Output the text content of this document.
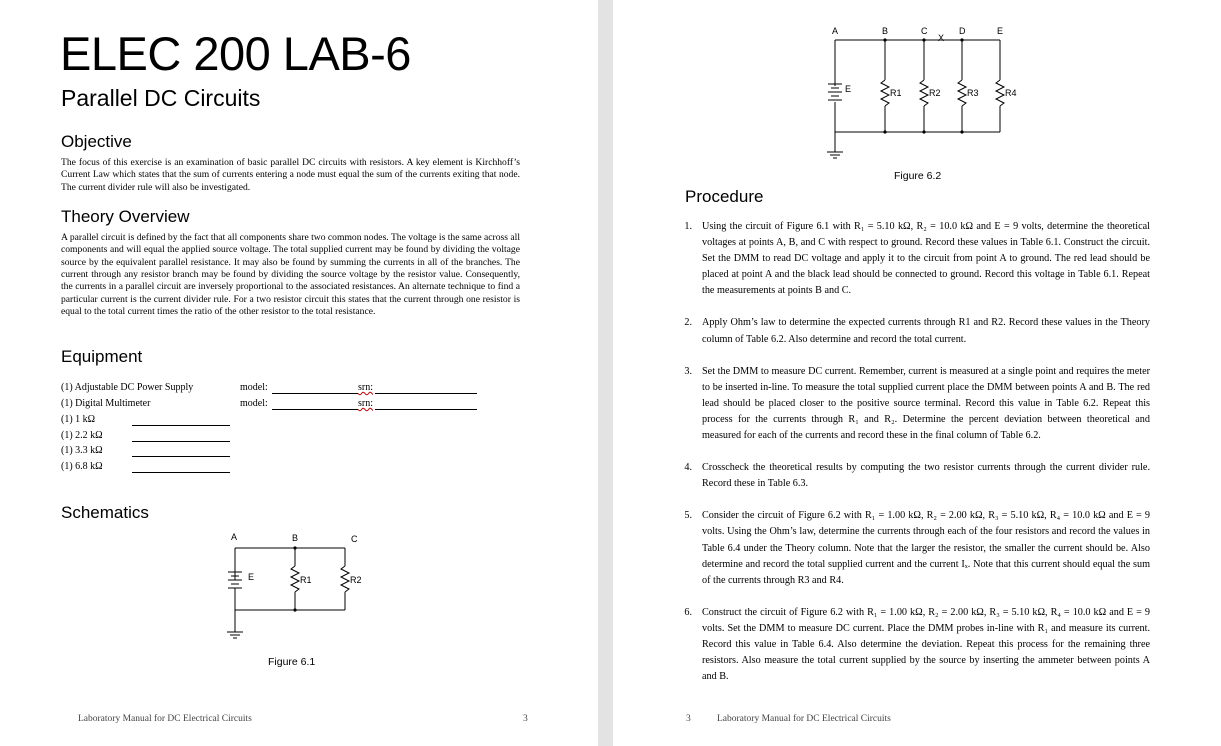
ELEC 200 LAB-6
Parallel DC Circuits
Objective
The focus of this exercise is an examination of basic parallel DC circuits with resistors. A key element is Kirchhoff’s Current Law which states that the sum of currents entering a node must equal the sum of the currents exiting that node. The current divider rule will also be investigated.
Theory Overview
A parallel circuit is defined by the fact that all components share two common nodes. The voltage is the same across all components and will equal the applied source voltage. The total supplied current may be found by dividing the voltage source by the equivalent parallel resistance. It may also be found by summing the currents in all of the branches. The current through any resistor branch may be found by dividing the source voltage by the resistor value. Consequently, the currents in a parallel circuit are inversely proportional to the associated resistances. An alternate technique to find a particular current is the current divider rule. For a two resistor circuit this states that the current through one resistor is equal to the total current times the ratio of the other resistor to the total resistance.
Equipment
(1) Adjustable DC Power Supply	model:	srn:
(1) Digital Multimeter	model:	srn:
(1) 1 kΩ
(1) 2.2 kΩ
(1) 3.3 kΩ
(1) 6.8 kΩ
Schematics
A	B	C
E	R1	R2
Figure 6.1
Laboratory Manual for DC Electrical Circuits	3
A	B	C	D	E
X
E	R1	R2	R3	R4
Figure 6.2
Procedure
1. Using the circuit of Figure 6.1 with R₁ = 5.10 kΩ, R₂ = 10.0 kΩ and E = 9 volts, determine the theoretical voltages at points A, B, and C with respect to ground. Record these values in Table 6.1. Construct the circuit. Set the DMM to read DC voltage and apply it to the circuit from point A to ground. The red lead should be placed at point A and the black lead should be connected to ground. Record this voltage in Table 6.1. Repeat the measurements at points B and C.
2. Apply Ohm’s law to determine the expected currents through R1 and R2. Record these values in the Theory column of Table 6.2. Also determine and record the total current.
3. Set the DMM to measure DC current. Remember, current is measured at a single point and requires the meter to be inserted in-line. To measure the total supplied current place the DMM between points A and B. The red lead should be placed closer to the positive source terminal. Record this value in Table 6.2. Repeat this process for the currents through R₁ and R₂. Determine the percent deviation between theoretical and measured for each of the currents and record these in the final column of Table 6.2.
4. Crosscheck the theoretical results by computing the two resistor currents through the current divider rule. Record these in Table 6.3.
5. Consider the circuit of Figure 6.2 with R₁ = 1.00 kΩ, R₂ = 2.00 kΩ, R₃ = 5.10 kΩ, R₄ = 10.0 kΩ and E = 9 volts. Using the Ohm’s law, determine the currents through each of the four resistors and record the values in Table 6.4 under the Theory column. Note that the larger the resistor, the smaller the current should be. Also determine and record the total supplied current and the current Iₓ. Note that this current should equal the sum of the currents through R3 and R4.
6. Construct the circuit of Figure 6.2 with R₁ = 1.00 kΩ, R₂ = 2.00 kΩ, R₃ = 5.10 kΩ, R₄ = 10.0 kΩ and E = 9 volts. Set the DMM to measure DC current. Place the DMM probes in-line with R₁ and measure its current. Record this value in Table 6.4. Also determine the deviation. Repeat this process for the remaining three resistors. Also measure the total current supplied by the source by inserting the ammeter between points A and B.
3	Laboratory Manual for DC Electrical Circuits
